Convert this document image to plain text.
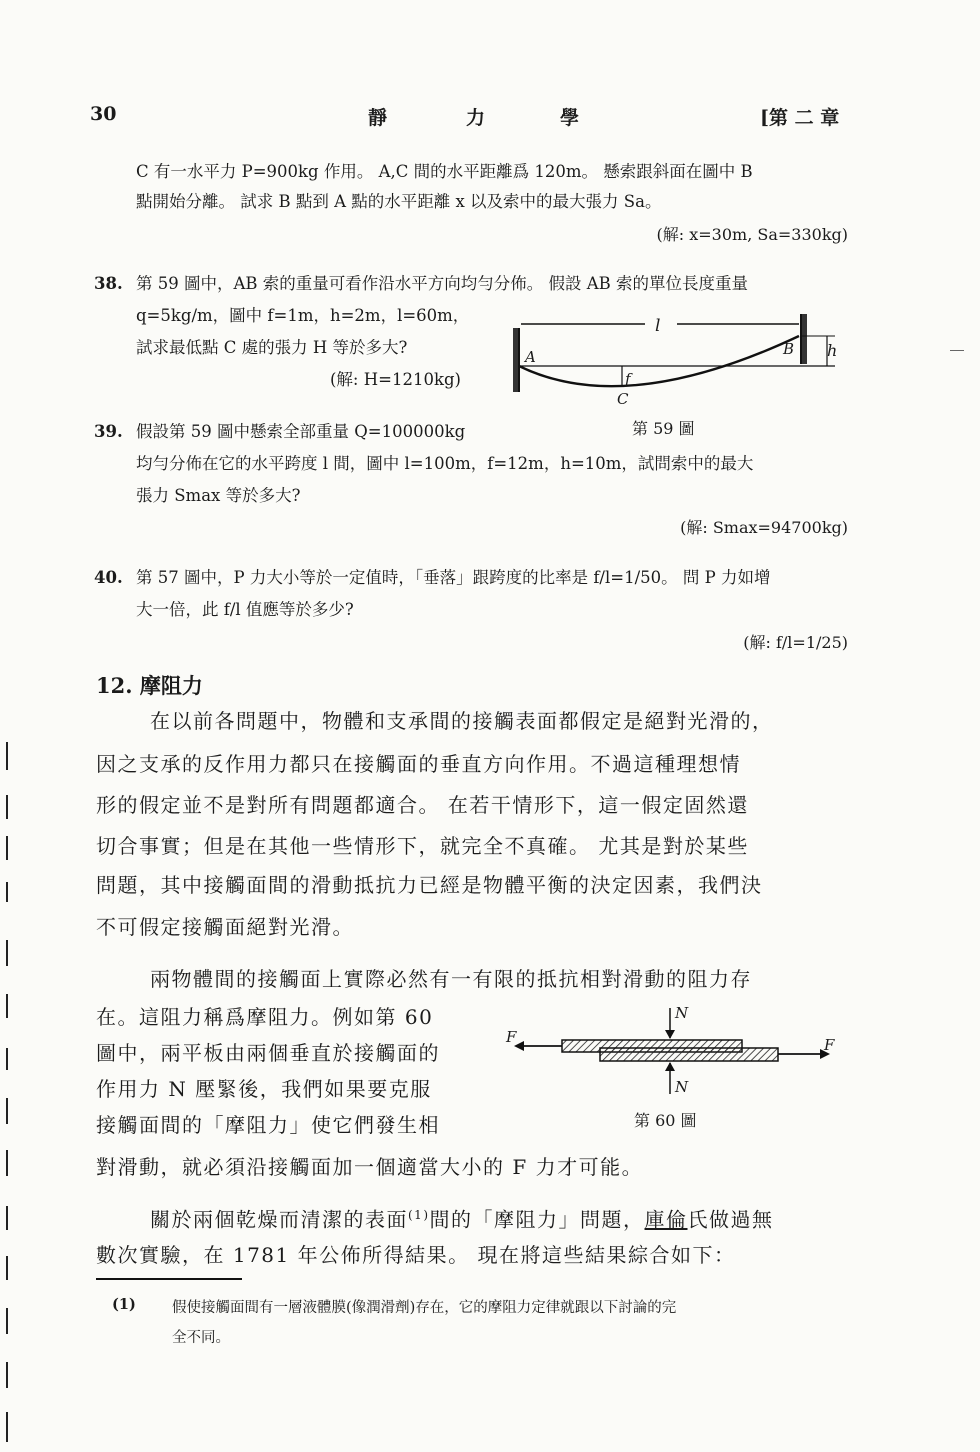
30	靜	力	學	[第 二 章
C 有一水平力 P=900kg 作用。 A,C 間的水平距離爲 120m。 懸索跟斜面在圖中 B
點開始分離。 試求 B 點到 A 點的水平距離 x 以及索中的最大張力 Sa。
(解: x=30m, Sa=330kg)
38. 第 59 圖中，AB 索的重量可看作沿水平方向均勻分佈。 假設 AB 索的單位長度重量
q=5kg/m，圖中 f=1m，h=2m，l=60m，
試求最低點 C 處的張力 H 等於多大?
(解: H=1210kg)
l
f
h
A	B
C
第 59 圖
39. 假設第 59 圖中懸索全部重量 Q=100000kg
均勻分佈在它的水平跨度 l 間，圖中 l=100m，f=12m，h=10m，試問索中的最大
張力 Smax 等於多大?
(解: Smax=94700kg)
40. 第 57 圖中，P 力大小等於一定值時，「垂落」跟跨度的比率是 f/l=1/50。 問 P 力如增
大一倍，此 f/l 值應等於多少?
(解: f/l=1/25)
12. 摩阻力
在以前各問題中，物體和支承間的接觸表面都假定是絕對光滑的，
因之支承的反作用力都只在接觸面的垂直方向作用。不過這種理想情
形的假定並不是對所有問題都適合。 在若干情形下，這一假定固然還
切合事實；但是在其他一些情形下，就完全不真確。 尤其是對於某些
問題，其中接觸面間的滑動抵抗力已經是物體平衡的決定因素，我們決
不可假定接觸面絕對光滑。
兩物體間的接觸面上實際必然有一有限的抵抗相對滑動的阻力存
在。這阻力稱爲摩阻力。例如第 60
圖中，兩平板由兩個垂直於接觸面的
作用力 N 壓緊後，我們如果要克服
接觸面間的「摩阻力」使它們發生相
對滑動，就必須沿接觸面加一個適當大小的 F 力才可能。
N
N
F	F
第 60 圖
關於兩個乾燥而清潔的表面$^{(1)}$間的「摩阻力」問題，庫倫氏做過無
數次實驗，在 1781 年公佈所得結果。 現在將這些結果綜合如下：
(1) 假使接觸面間有一層液體膜(像潤滑劑)存在，它的摩阻力定律就跟以下討論的完
全不同。
